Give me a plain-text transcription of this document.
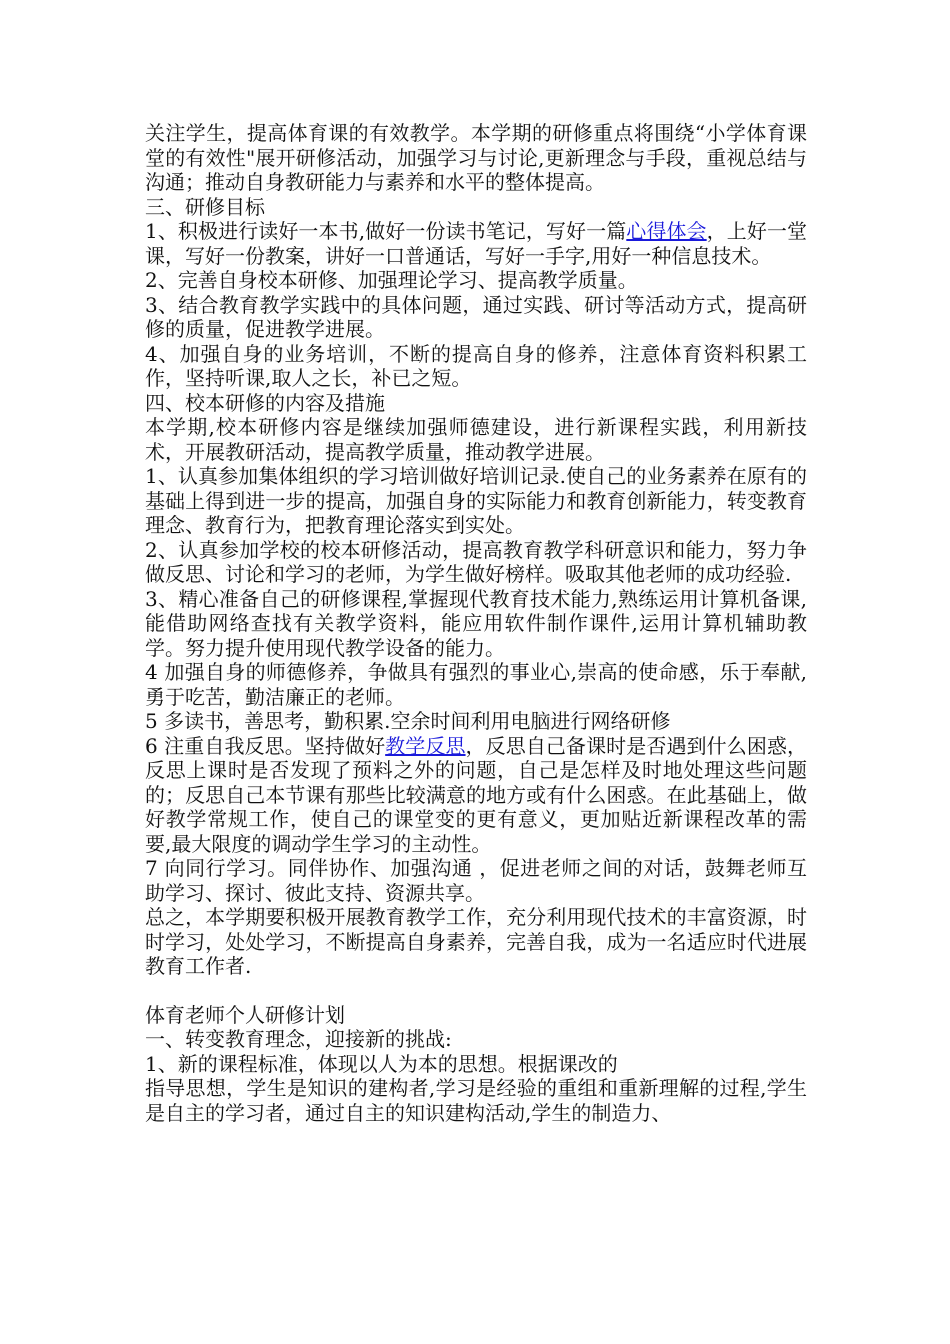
关注学生，提高体育课的有效教学。本学期的研修重点将围绕“小学体育课堂的有效性"展开研修活动，加强学习与讨论,更新理念与手段，重视总结与沟通；推动自身教研能力与素养和水平的整体提高。

三、研修目标

1、积极进行读好一本书,做好一份读书笔记，写好一篇心得体会，上好一堂课，写好一份教案，讲好一口普通话，写好一手字,用好一种信息技术。

2、完善自身校本研修、加强理论学习、提高教学质量。

3、结合教育教学实践中的具体问题，通过实践、研讨等活动方式，提高研修的质量，促进教学进展。

4、加强自身的业务培训，不断的提高自身的修养，注意体育资料积累工作，坚持听课,取人之长，补已之短。

四、校本研修的内容及措施

本学期,校本研修内容是继续加强师德建设，进行新课程实践，利用新技术，开展教研活动，提高教学质量，推动教学进展。

1、认真参加集体组织的学习培训做好培训记录.使自己的业务素养在原有的基础上得到进一步的提高，加强自身的实际能力和教育创新能力，转变教育理念、教育行为，把教育理论落实到实处。

2、认真参加学校的校本研修活动，提高教育教学科研意识和能力，努力争做反思、讨论和学习的老师，为学生做好榜样。吸取其他老师的成功经验.

3、精心准备自己的研修课程,掌握现代教育技术能力,熟练运用计算机备课,能借助网络查找有关教学资料，能应用软件制作课件,运用计算机辅助教学。努力提升使用现代教学设备的能力。

4 加强自身的师德修养，争做具有强烈的事业心,崇高的使命感，乐于奉献,勇于吃苦，勤洁廉正的老师。

5 多读书，善思考，勤积累.空余时间利用电脑进行网络研修

6 注重自我反思。坚持做好教学反思，反思自己备课时是否遇到什么困惑，反思上课时是否发现了预料之外的问题，自己是怎样及时地处理这些问题的；反思自己本节课有那些比较满意的地方或有什么困惑。在此基础上，做好教学常规工作，使自己的课堂变的更有意义，更加贴近新课程改革的需要,最大限度的调动学生学习的主动性。

7 向同行学习。同伴协作、加强沟通 ，促进老师之间的对话，鼓舞老师互助学习、探讨、彼此支持、资源共享。

总之，本学期要积极开展教育教学工作，充分利用现代技术的丰富资源，时时学习，处处学习，不断提高自身素养，完善自我，成为一名适应时代进展教育工作者.

体育老师个人研修计划

一、转变教育理念，迎接新的挑战:

1、新的课程标准，体现以人为本的思想。根据课改的

指导思想，学生是知识的建构者,学习是经验的重组和重新理解的过程,学生是自主的学习者，通过自主的知识建构活动,学生的制造力、
